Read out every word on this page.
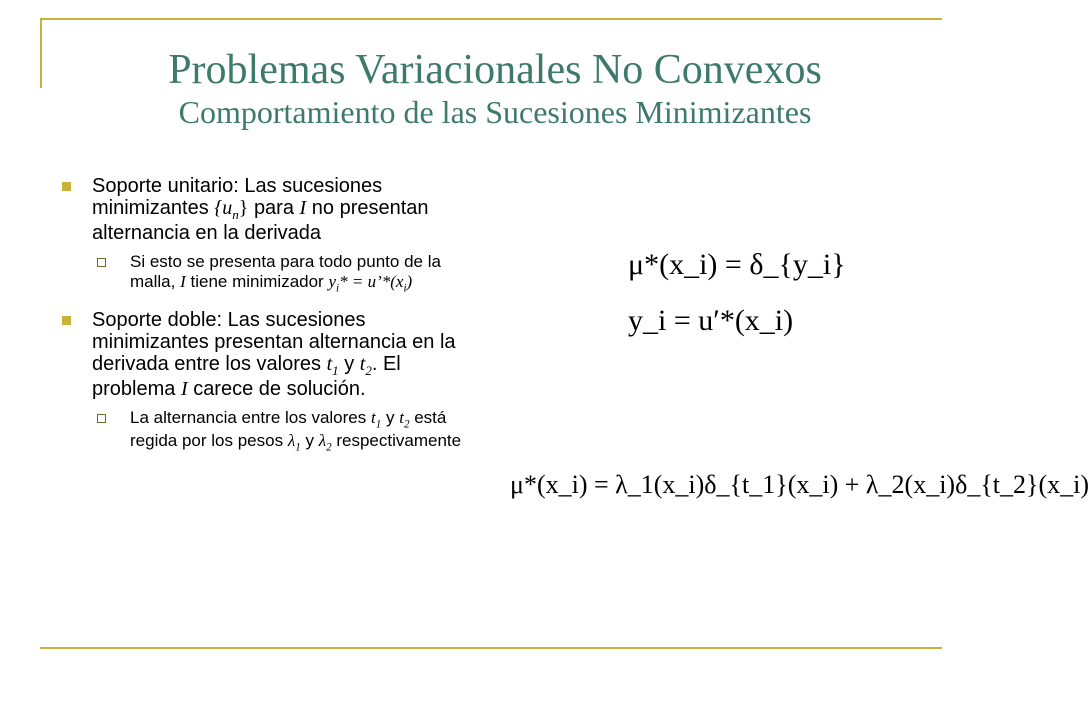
Problemas Variacionales No Convexos
Comportamiento de las Sucesiones Minimizantes
Soporte unitario: Las sucesiones minimizantes $\{u_n\}$ para I no presentan alternancia en la derivada
Si esto se presenta para todo punto de la malla, I tiene minimizador $y_i*$ = $u’*(x_i)$
Soporte doble: Las sucesiones minimizantes presentan alternancia en la derivada entre los valores $t_1$ y $t_2$. El problema I carece de solución.
La alternancia entre los valores $t_1$ y $t_2$ está regida por los pesos $\lambda_1$ y $\lambda_2$ respectivamente
μ*(x_i) = δ_{y_i}
y_i = u′*(x_i)
μ*(x_i) = λ_1(x_i)δ_{t_1}(x_i) + λ_2(x_i)δ_{t_2}(x_i)
